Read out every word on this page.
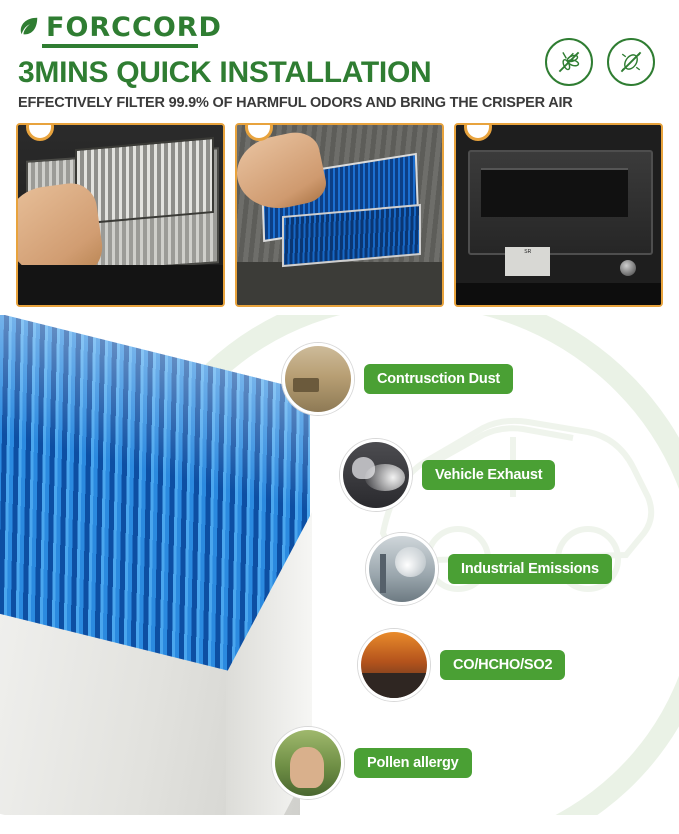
FORCCORD
3MINS QUICK INSTALLATION
EFFECTIVELY FILTER 99.9% OF HARMFUL ODORS AND BRING THE CRISPER AIR
SR
Contrusction Dust
Vehicle Exhaust
Industrial Emissions
CO/HCHO/SO2
Pollen allergy
